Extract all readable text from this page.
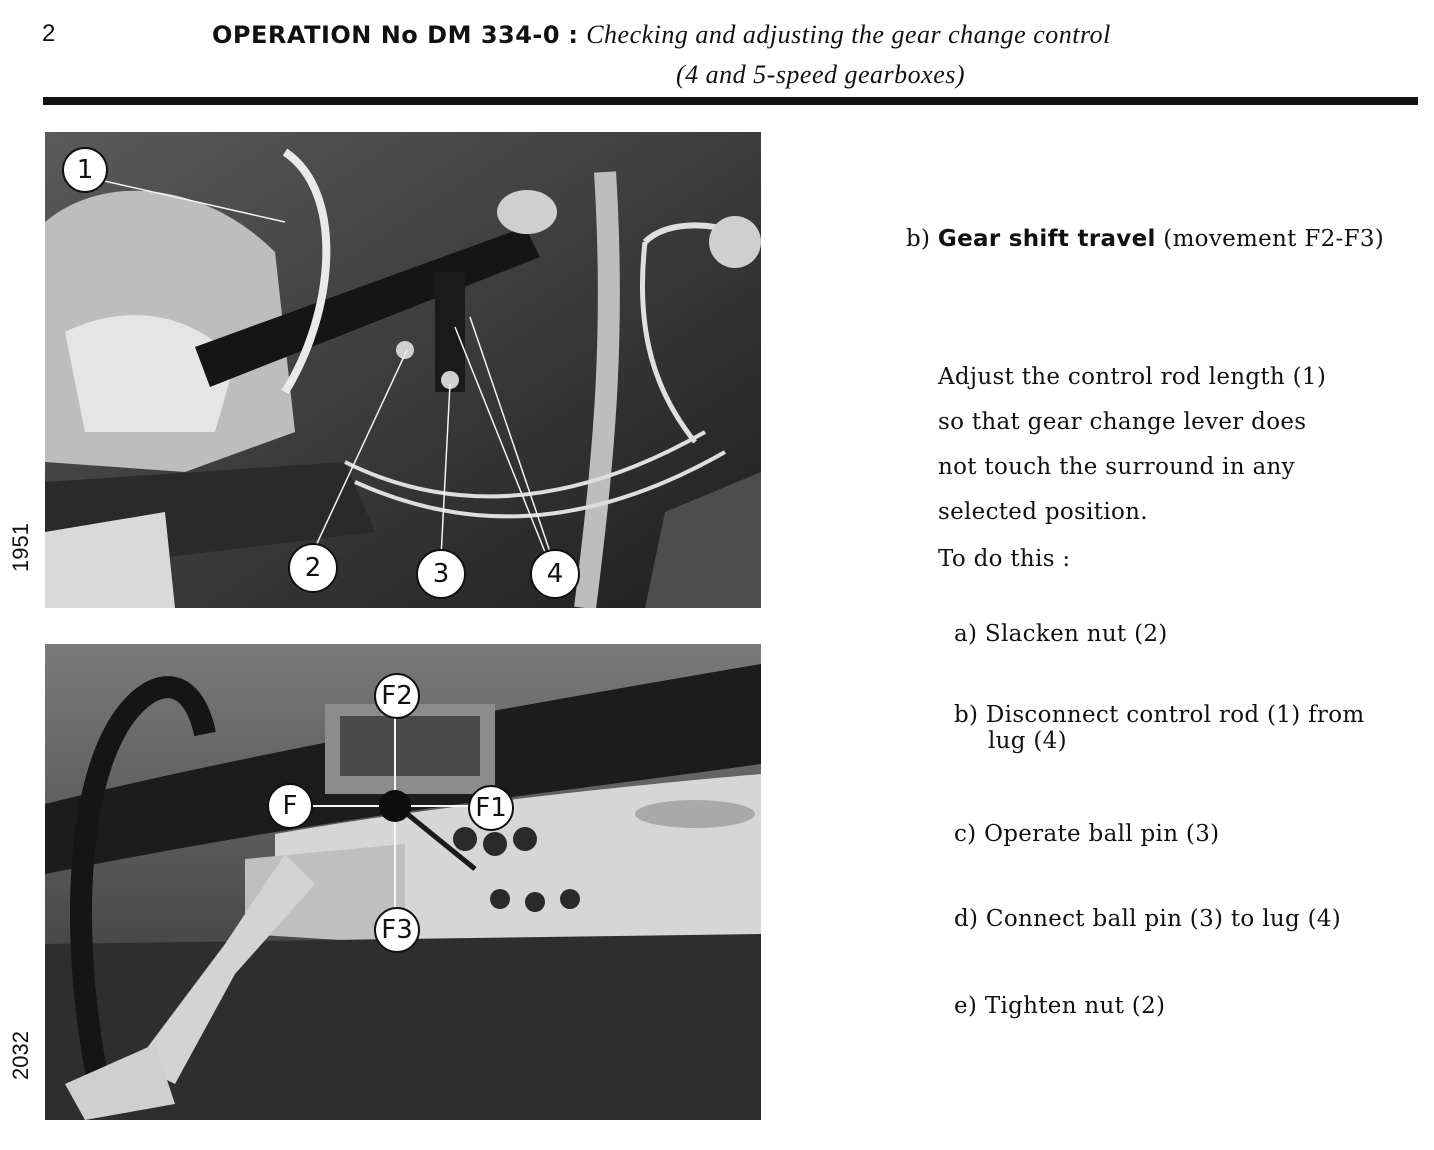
2	OPERATION No DM 334-0 : Checking and adjusting the gear change control
(4 and 5-speed gearboxes)
1951
2032
1
2	3	4
F
F2
F1
F3
b) Gear shift travel (movement F2-F3)
Adjust the control rod length (1)
so that gear change lever does
not touch the surround in any
selected position.
To do this :
a) Slacken nut (2)
b) Disconnect control rod (1) from
lug (4)
c) Operate ball pin (3)
d) Connect ball pin (3) to lug (4)
e) Tighten nut (2)
